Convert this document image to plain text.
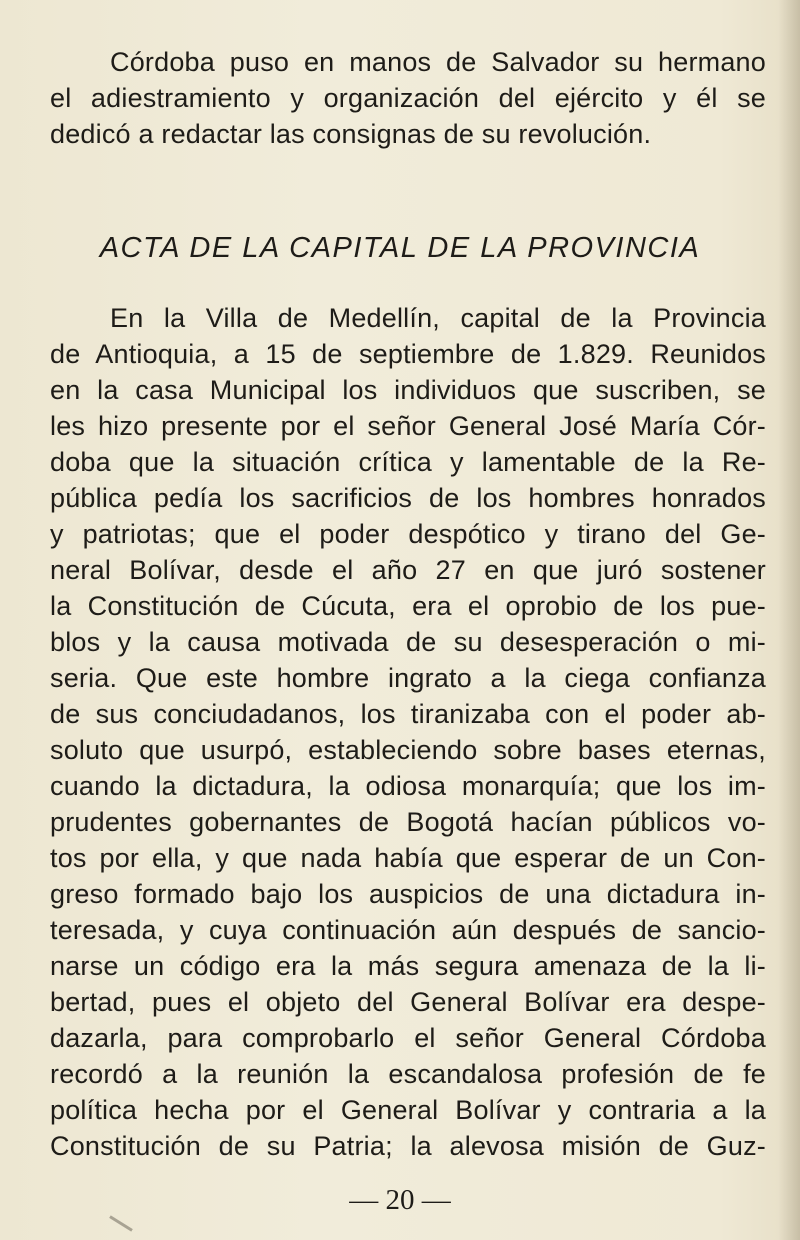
Córdoba puso en manos de Salvador su hermano

el adiestramiento y organización del ejército y él se

dedicó a redactar las consignas de su revolución.

ACTA DE LA CAPITAL DE LA PROVINCIA

En la Villa de Medellín, capital de la Provincia

de Antioquia, a 15 de septiembre de 1.829. Reunidos

en la casa Municipal los individuos que suscriben, se

les hizo presente por el señor General José María Cór-

doba que la situación crítica y lamentable de la Re-

pública pedía los sacrificios de los hombres honrados

y patriotas; que el poder despótico y tirano del Ge-

neral Bolívar, desde el año 27 en que juró sostener

la Constitución de Cúcuta, era el oprobio de los pue-

blos y la causa motivada de su desesperación o mi-

seria. Que este hombre ingrato a la ciega confianza

de sus conciudadanos, los tiranizaba con el poder ab-

soluto que usurpó, estableciendo sobre bases eternas,

cuando la dictadura, la odiosa monarquía; que los im-

prudentes gobernantes de Bogotá hacían públicos vo-

tos por ella, y que nada había que esperar de un Con-

greso formado bajo los auspicios de una dictadura in-

teresada, y cuya continuación aún después de sancio-

narse un código era la más segura amenaza de la li-

bertad, pues el objeto del General Bolívar era despe-

dazarla, para comprobarlo el señor General Córdoba

recordó a la reunión la escandalosa profesión de fe

política hecha por el General Bolívar y contraria a la

Constitución de su Patria; la alevosa misión de Guz-

— 20 —
